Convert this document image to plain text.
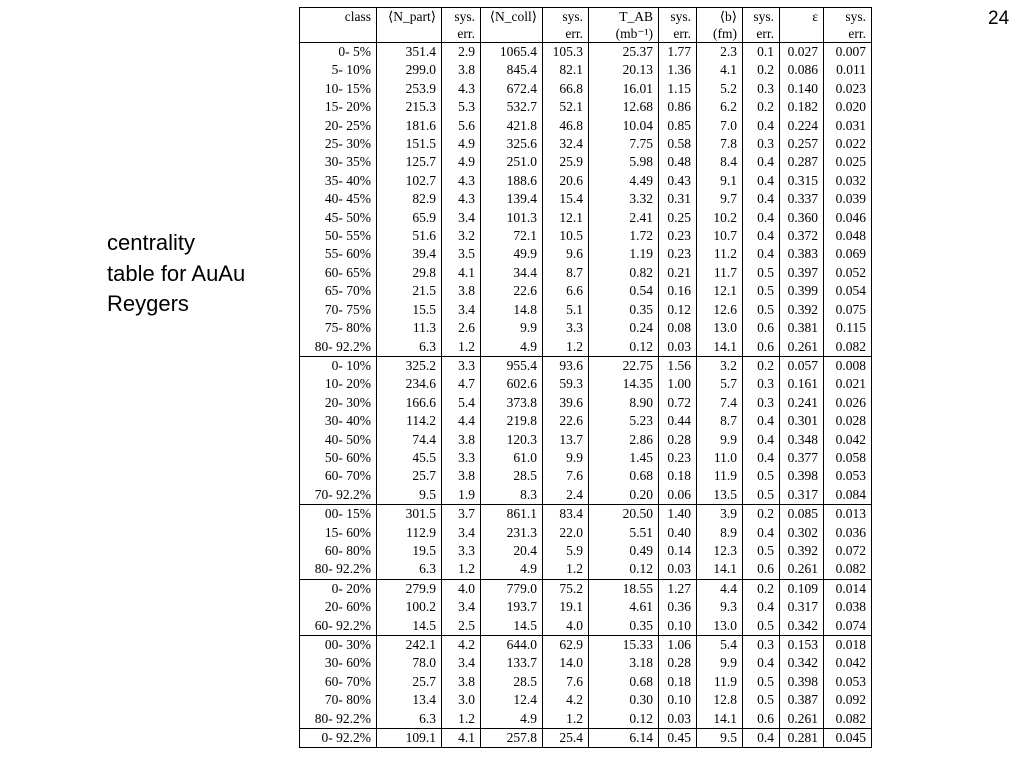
24
centrality
table for AuAu
Reygers
class	⟨N_part⟩	sys.	⟨N_coll⟩	sys.	T_AB	sys.	⟨b⟩	sys.	ε	sys.
		err.		err.	(mb⁻¹)	err.	(fm)	err.		err.
0- 5%	351.4	2.9	1065.4	105.3	25.37	1.77	2.3	0.1	0.027	0.007
5- 10%	299.0	3.8	845.4	82.1	20.13	1.36	4.1	0.2	0.086	0.011
10- 15%	253.9	4.3	672.4	66.8	16.01	1.15	5.2	0.3	0.140	0.023
15- 20%	215.3	5.3	532.7	52.1	12.68	0.86	6.2	0.2	0.182	0.020
20- 25%	181.6	5.6	421.8	46.8	10.04	0.85	7.0	0.4	0.224	0.031
25- 30%	151.5	4.9	325.6	32.4	7.75	0.58	7.8	0.3	0.257	0.022
30- 35%	125.7	4.9	251.0	25.9	5.98	0.48	8.4	0.4	0.287	0.025
35- 40%	102.7	4.3	188.6	20.6	4.49	0.43	9.1	0.4	0.315	0.032
40- 45%	82.9	4.3	139.4	15.4	3.32	0.31	9.7	0.4	0.337	0.039
45- 50%	65.9	3.4	101.3	12.1	2.41	0.25	10.2	0.4	0.360	0.046
50- 55%	51.6	3.2	72.1	10.5	1.72	0.23	10.7	0.4	0.372	0.048
55- 60%	39.4	3.5	49.9	9.6	1.19	0.23	11.2	0.4	0.383	0.069
60- 65%	29.8	4.1	34.4	8.7	0.82	0.21	11.7	0.5	0.397	0.052
65- 70%	21.5	3.8	22.6	6.6	0.54	0.16	12.1	0.5	0.399	0.054
70- 75%	15.5	3.4	14.8	5.1	0.35	0.12	12.6	0.5	0.392	0.075
75- 80%	11.3	2.6	9.9	3.3	0.24	0.08	13.0	0.6	0.381	0.115
80- 92.2%	6.3	1.2	4.9	1.2	0.12	0.03	14.1	0.6	0.261	0.082
0- 10%	325.2	3.3	955.4	93.6	22.75	1.56	3.2	0.2	0.057	0.008
10- 20%	234.6	4.7	602.6	59.3	14.35	1.00	5.7	0.3	0.161	0.021
20- 30%	166.6	5.4	373.8	39.6	8.90	0.72	7.4	0.3	0.241	0.026
30- 40%	114.2	4.4	219.8	22.6	5.23	0.44	8.7	0.4	0.301	0.028
40- 50%	74.4	3.8	120.3	13.7	2.86	0.28	9.9	0.4	0.348	0.042
50- 60%	45.5	3.3	61.0	9.9	1.45	0.23	11.0	0.4	0.377	0.058
60- 70%	25.7	3.8	28.5	7.6	0.68	0.18	11.9	0.5	0.398	0.053
70- 92.2%	9.5	1.9	8.3	2.4	0.20	0.06	13.5	0.5	0.317	0.084
00- 15%	301.5	3.7	861.1	83.4	20.50	1.40	3.9	0.2	0.085	0.013
15- 60%	112.9	3.4	231.3	22.0	5.51	0.40	8.9	0.4	0.302	0.036
60- 80%	19.5	3.3	20.4	5.9	0.49	0.14	12.3	0.5	0.392	0.072
80- 92.2%	6.3	1.2	4.9	1.2	0.12	0.03	14.1	0.6	0.261	0.082
0- 20%	279.9	4.0	779.0	75.2	18.55	1.27	4.4	0.2	0.109	0.014
20- 60%	100.2	3.4	193.7	19.1	4.61	0.36	9.3	0.4	0.317	0.038
60- 92.2%	14.5	2.5	14.5	4.0	0.35	0.10	13.0	0.5	0.342	0.074
00- 30%	242.1	4.2	644.0	62.9	15.33	1.06	5.4	0.3	0.153	0.018
30- 60%	78.0	3.4	133.7	14.0	3.18	0.28	9.9	0.4	0.342	0.042
60- 70%	25.7	3.8	28.5	7.6	0.68	0.18	11.9	0.5	0.398	0.053
70- 80%	13.4	3.0	12.4	4.2	0.30	0.10	12.8	0.5	0.387	0.092
80- 92.2%	6.3	1.2	4.9	1.2	0.12	0.03	14.1	0.6	0.261	0.082
0- 92.2%	109.1	4.1	257.8	25.4	6.14	0.45	9.5	0.4	0.281	0.045
